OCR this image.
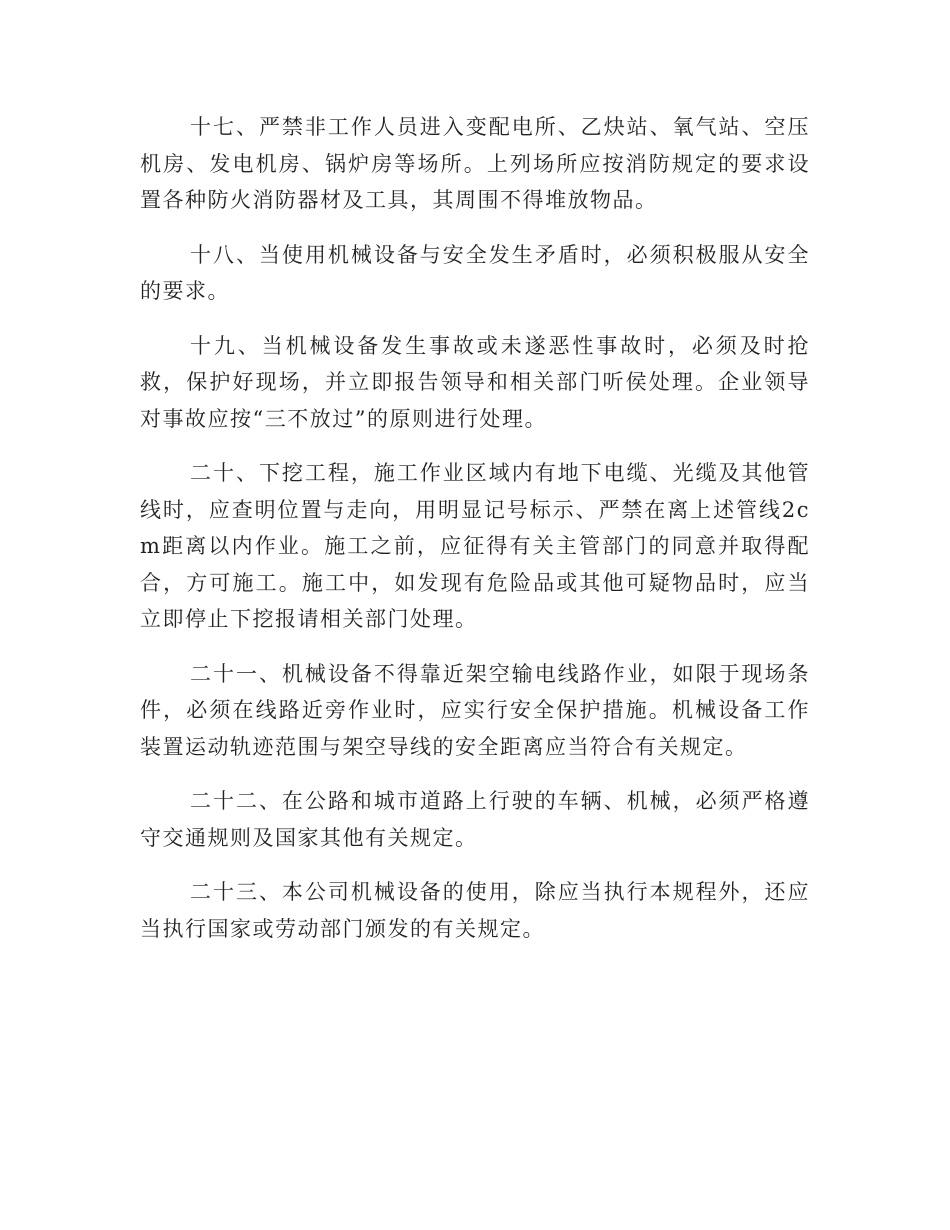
十七、严禁非工作人员进入变配电所、乙炔站、氧气站、空压机房、发电机房、锅炉房等场所。上列场所应按消防规定的要求设置各种防火消防器材及工具，其周围不得堆放物品。

十八、当使用机械设备与安全发生矛盾时，必须积极服从安全的要求。

十九、当机械设备发生事故或未遂恶性事故时，必须及时抢救，保护好现场，并立即报告领导和相关部门听侯处理。企业领导对事故应按“三不放过”的原则进行处理。

二十、下挖工程，施工作业区域内有地下电缆、光缆及其他管线时，应查明位置与走向，用明显记号标示、严禁在离上述管线2cm距离以内作业。施工之前，应征得有关主管部门的同意并取得配合，方可施工。施工中，如发现有危险品或其他可疑物品时，应当立即停止下挖报请相关部门处理。

二十一、机械设备不得靠近架空输电线路作业，如限于现场条件，必须在线路近旁作业时，应实行安全保护措施。机械设备工作装置运动轨迹范围与架空导线的安全距离应当符合有关规定。

二十二、在公路和城市道路上行驶的车辆、机械，必须严格遵守交通规则及国家其他有关规定。

二十三、本公司机械设备的使用，除应当执行本规程外，还应当执行国家或劳动部门颁发的有关规定。
